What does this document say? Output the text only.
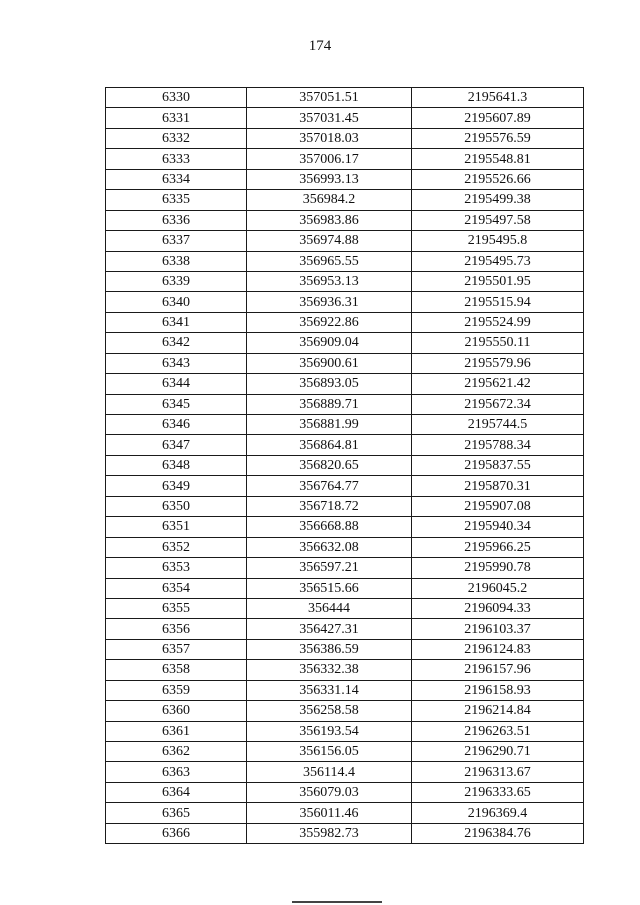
174
6330	357051.51	2195641.3
6331	357031.45	2195607.89
6332	357018.03	2195576.59
6333	357006.17	2195548.81
6334	356993.13	2195526.66
6335	356984.2	2195499.38
6336	356983.86	2195497.58
6337	356974.88	2195495.8
6338	356965.55	2195495.73
6339	356953.13	2195501.95
6340	356936.31	2195515.94
6341	356922.86	2195524.99
6342	356909.04	2195550.11
6343	356900.61	2195579.96
6344	356893.05	2195621.42
6345	356889.71	2195672.34
6346	356881.99	2195744.5
6347	356864.81	2195788.34
6348	356820.65	2195837.55
6349	356764.77	2195870.31
6350	356718.72	2195907.08
6351	356668.88	2195940.34
6352	356632.08	2195966.25
6353	356597.21	2195990.78
6354	356515.66	2196045.2
6355	356444	2196094.33
6356	356427.31	2196103.37
6357	356386.59	2196124.83
6358	356332.38	2196157.96
6359	356331.14	2196158.93
6360	356258.58	2196214.84
6361	356193.54	2196263.51
6362	356156.05	2196290.71
6363	356114.4	2196313.67
6364	356079.03	2196333.65
6365	356011.46	2196369.4
6366	355982.73	2196384.76
